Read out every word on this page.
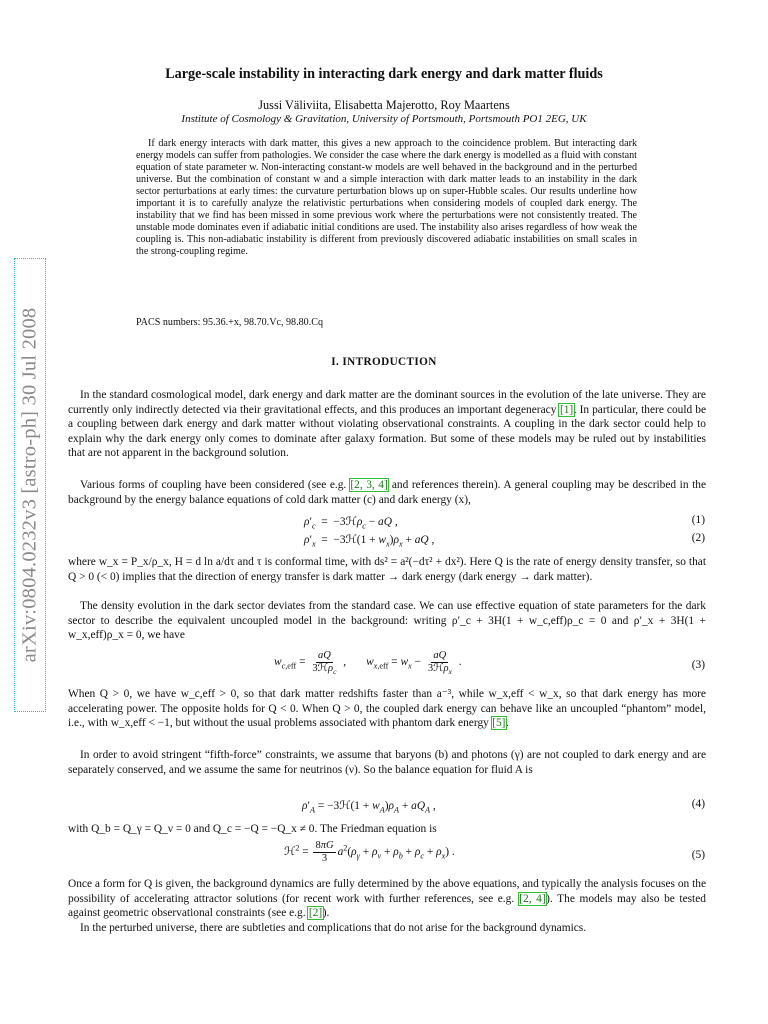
arXiv:0804.0232v3 [astro-ph] 30 Jul 2008
Large-scale instability in interacting dark energy and dark matter fluids
Jussi Väliviita, Elisabetta Majerotto, Roy Maartens
Institute of Cosmology & Gravitation, University of Portsmouth, Portsmouth PO1 2EG, UK

If dark energy interacts with dark matter, this gives a new approach to the coincidence problem. But interacting dark energy models can suffer from pathologies. We consider the case where the dark energy is modelled as a fluid with constant equation of state parameter w. Non-interacting constant-w models are well behaved in the background and in the perturbed universe. But the combination of constant w and a simple interaction with dark matter leads to an instability in the dark sector perturbations at early times: the curvature perturbation blows up on super-Hubble scales. Our results underline how important it is to carefully analyze the relativistic perturbations when considering models of coupled dark energy. The instability that we find has been missed in some previous work where the perturbations were not consistently treated. The unstable mode dominates even if adiabatic initial conditions are used. The instability also arises regardless of how weak the coupling is. This non-adiabatic instability is different from previously discovered adiabatic instabilities on small scales in the strong-coupling regime.

PACS numbers: 95.36.+x, 98.70.Vc, 98.80.Cq
I. INTRODUCTION

In the standard cosmological model, dark energy and dark matter are the dominant sources in the evolution of the late universe. They are currently only indirectly detected via their gravitational effects, and this produces an important degeneracy [1]. In particular, there could be a coupling between dark energy and dark matter without violating observational constraints. A coupling in the dark sector could help to explain why the dark energy only comes to dominate after galaxy formation. But some of these models may be ruled out by instabilities that are not apparent in the background solution.

Various forms of coupling have been considered (see e.g. [2, 3, 4] and references therein). A general coupling may be described in the background by the energy balance equations of cold dark matter (c) and dark energy (x),

$\rho'_c$  =  −3ℋρ$_c$ − aQ ,	(1)
$\rho'_x$  =  −3ℋ(1 + $w_x)\rho_x$ + aQ ,	(2)

where w_x = P_x/ρ_x, H = d ln a/dτ and τ is conformal time, with ds² = a²(−dτ² + dx²). Here Q is the rate of energy density transfer, so that Q > 0 (< 0) implies that the direction of energy transfer is dark matter → dark energy (dark energy → dark matter).

The density evolution in the dark sector deviates from the standard case. We can use effective equation of state parameters for the dark sector to describe the equivalent uncoupled model in the background: writing ρ′_c + 3H(1 + w_c,eff)ρ_c = 0 and ρ′_x + 3H(1 + w_x,eff)ρ_x = 0, we have

$w_{c,eff} = \frac{aQ}{3ℋ\rho_c}$ ,       $w_{x,eff} = w_x - \frac{aQ}{3ℋ\rho_x}$ .	(3)

When Q > 0, we have w_c,eff > 0, so that dark matter redshifts faster than a⁻³, while w_x,eff < w_x, so that dark energy has more accelerating power. The opposite holds for Q < 0. When Q > 0, the coupled dark energy can behave like an uncoupled “phantom” model, i.e., with w_x,eff < −1, but without the usual problems associated with phantom dark energy [5].

In order to avoid stringent “fifth-force” constraints, we assume that baryons (b) and photons (γ) are not coupled to dark energy and are separately conserved, and we assume the same for neutrinos (ν). So the balance equation for fluid A is

$\rho'_A$ = −3ℋ(1 + $w_A)\rho_A + aQ_A$ ,	(4)

with Q_b = Q_γ = Q_ν = 0 and Q_c = −Q = −Q_x ≠ 0. The Friedman equation is

ℋ$^2$ = $\frac{8\pi G}{3} a^2(\rho_\gamma + \rho_\nu + \rho_b + \rho_c + \rho_x)$ .	(5)

Once a form for Q is given, the background dynamics are fully determined by the above equations, and typically the analysis focuses on the possibility of accelerating attractor solutions (for recent work with further references, see e.g. [2, 4]). The models may also be tested against geometric observational constraints (see e.g. [2]).

In the perturbed universe, there are subtleties and complications that do not arise for the background dynamics.
